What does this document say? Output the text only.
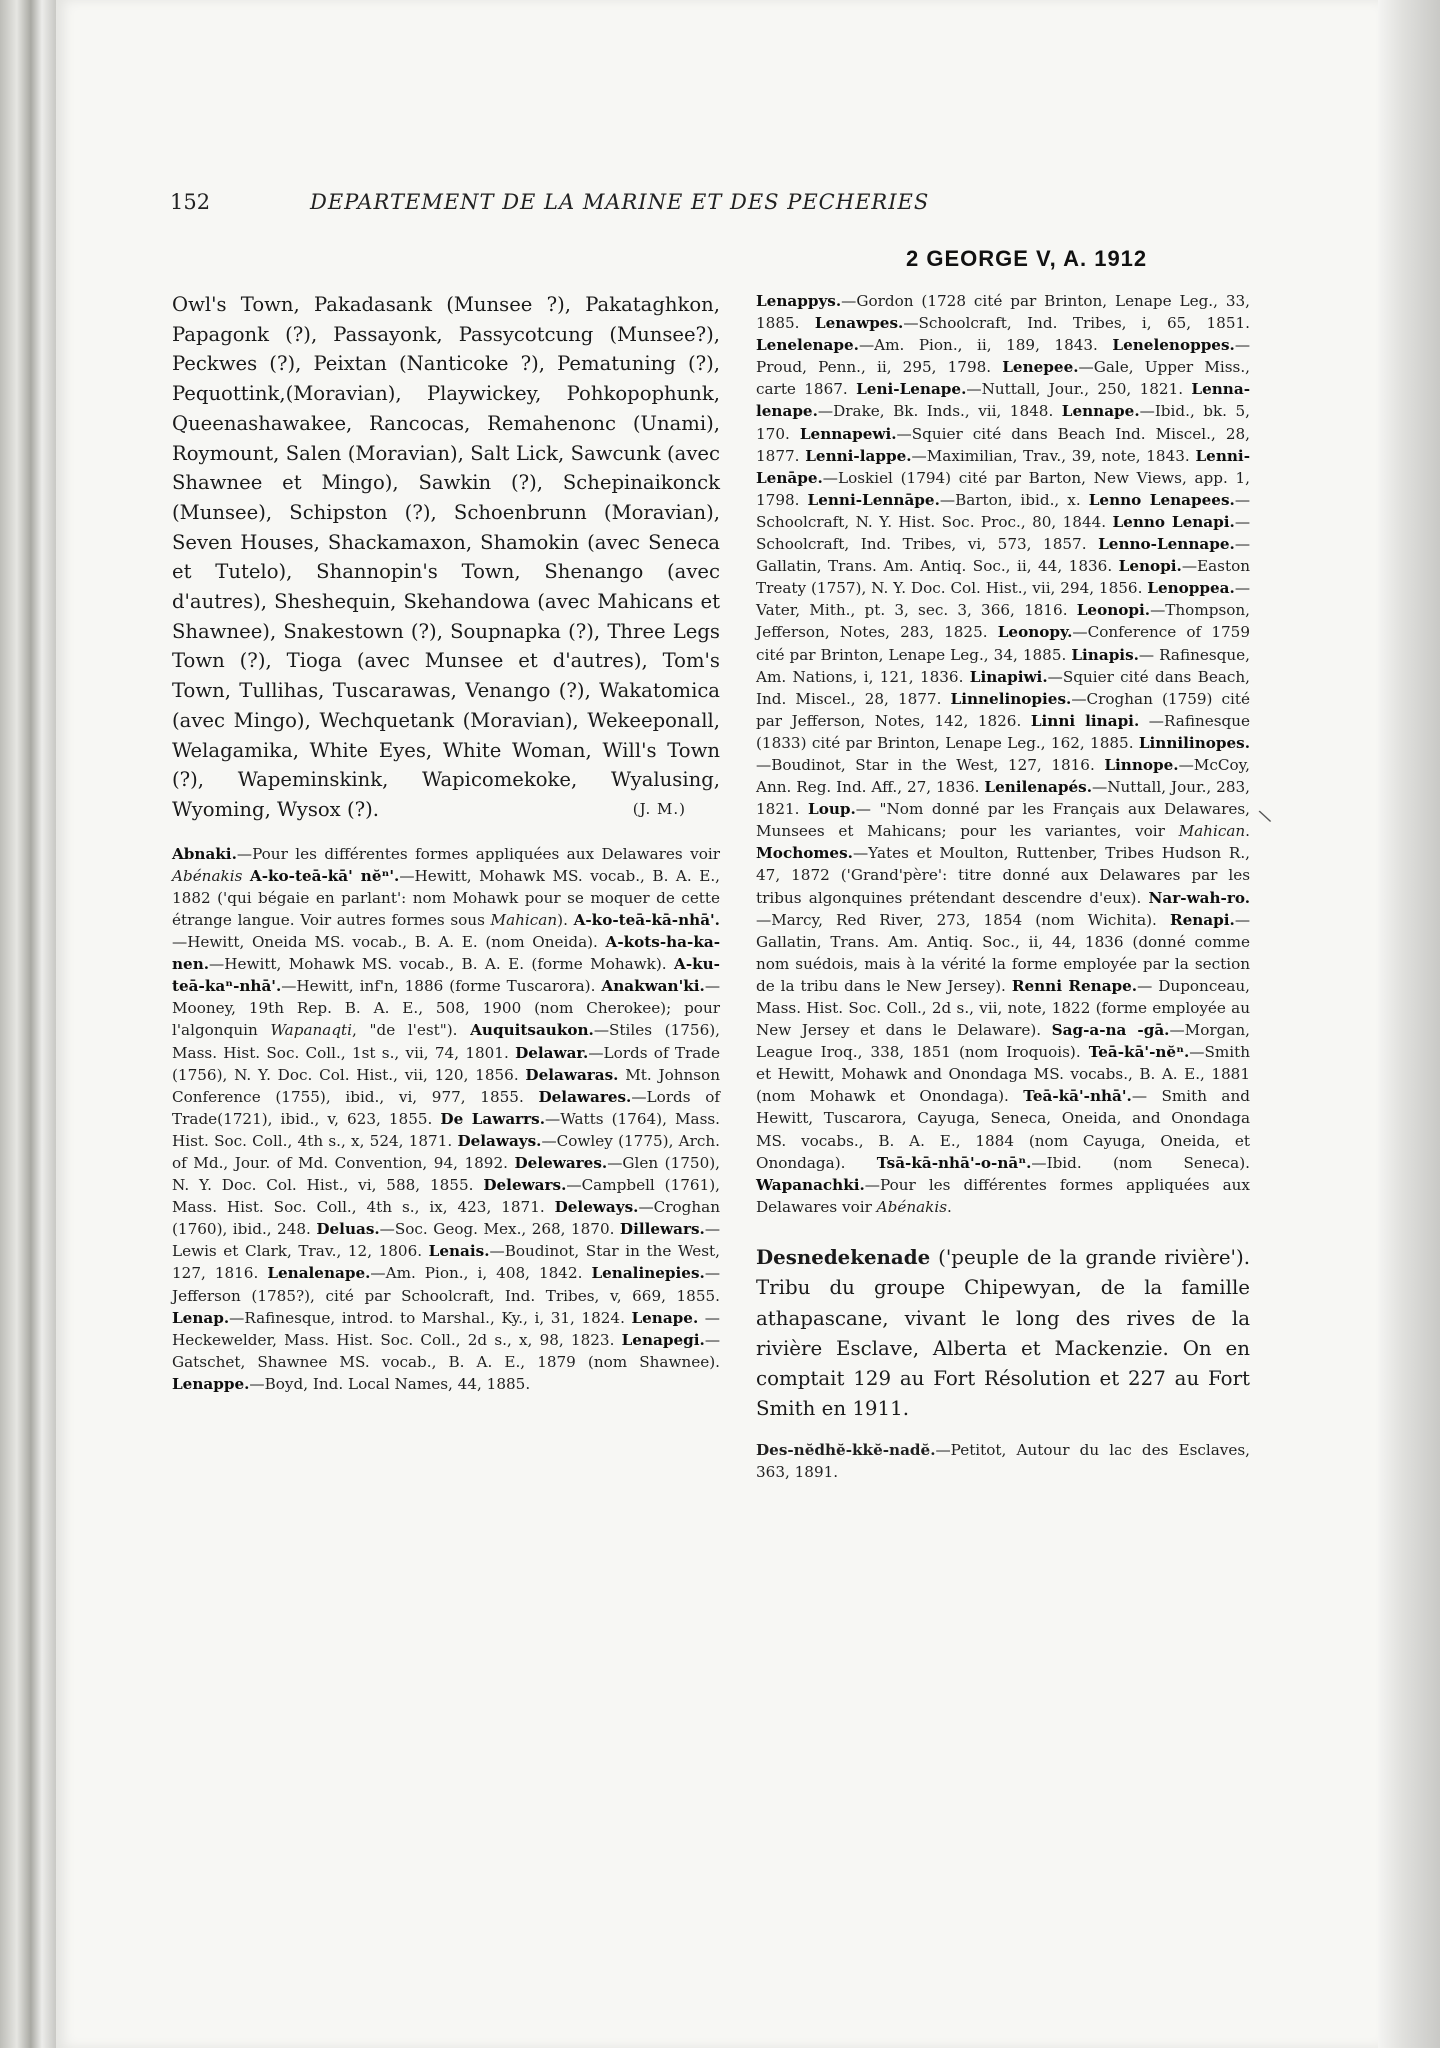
152	DEPARTEMENT DE LA MARINE ET DES PECHERIES
2 GEORGE V, A. 1912

Owl's Town, Pakadasank (Munsee ?), Pakataghkon, Papagonk (?), Passayonk, Passycotcung (Munsee?), Peckwes (?), Peixtan (Nanticoke ?), Pematuning (?), Pequottink,(Moravian), Playwickey, Pohkopophunk, Queenashawakee, Rancocas, Remahenonc (Unami), Roymount, Salen (Moravian), Salt Lick, Sawcunk (avec Shawnee et Mingo), Sawkin (?), Schepinaikonck (Munsee), Schipston (?), Schoenbrunn (Moravian), Seven Houses, Shackamaxon, Shamokin (avec Seneca et Tutelo), Shannopin's Town, Shenango (avec d'autres), Sheshequin, Skehandowa (avec Mahicans et Shawnee), Snakestown (?), Soupnapka (?), Three Legs Town (?), Tioga (avec Munsee et d'autres), Tom's Town, Tullihas, Tuscarawas, Venango (?), Wakatomica (avec Mingo), Wechquetank (Moravian), Wekeeponall, Welagamika, White Eyes, White Woman, Will's Town (?), Wapeminskink, Wapicomekoke, Wyalusing, Wyoming, Wysox (?).	(J. M.)

Abnaki.—Pour les différentes formes appliquées aux Delawares voir Abénakis A-ko-teā-kā' nĕⁿ'.—Hewitt, Mohawk MS. vocab., B. A. E., 1882 ('qui bégaie en parlant': nom Mohawk pour se moquer de cette étrange langue. Voir autres formes sous Mahican). A-ko-teā-kā-nhā'.—Hewitt, Oneida MS. vocab., B. A. E. (nom Oneida). A-kots-ha-ka-nen.—Hewitt, Mohawk MS. vocab., B. A. E. (forme Mohawk). A-ku-teā-kaⁿ-nhā'.—Hewitt, inf'n, 1886 (forme Tuscarora). Anakwan'ki.—Mooney, 19th Rep. B. A. E., 508, 1900 (nom Cherokee); pour l'algonquin Wapanaqti, "de l'est"). Auquitsaukon.—Stiles (1756), Mass. Hist. Soc. Coll., 1st s., vii, 74, 1801. Delawar.—Lords of Trade (1756), N. Y. Doc. Col. Hist., vii, 120, 1856. Delawaras. Mt. Johnson Conference (1755), ibid., vi, 977, 1855. Delawares.—Lords of Trade(1721), ibid., v, 623, 1855. De Lawarrs.—Watts (1764), Mass. Hist. Soc. Coll., 4th s., x, 524, 1871. Delaways.—Cowley (1775), Arch. of Md., Jour. of Md. Convention, 94, 1892. Delewares.—Glen (1750), N. Y. Doc. Col. Hist., vi, 588, 1855. Delewars.—Campbell (1761), Mass. Hist. Soc. Coll., 4th s., ix, 423, 1871. Deleways.—Croghan (1760), ibid., 248. Deluas.—Soc. Geog. Mex., 268, 1870. Dillewars.—Lewis et Clark, Trav., 12, 1806. Lenais.—Boudinot, Star in the West, 127, 1816. Lenalenape.—Am. Pion., i, 408, 1842. Lenalinepies.—Jefferson (1785?), cité par Schoolcraft, Ind. Tribes, v, 669, 1855. Lenap.—Rafinesque, introd. to Marshal., Ky., i, 31, 1824. Lenape. —Heckewelder, Mass. Hist. Soc. Coll., 2d s., x, 98, 1823. Lenapegi.—Gatschet, Shawnee MS. vocab., B. A. E., 1879 (nom Shawnee). Lenappe.—Boyd, Ind. Local Names, 44, 1885.

Lenappys.—Gordon (1728 cité par Brinton, Lenape Leg., 33, 1885. Lenawpes.—Schoolcraft, Ind. Tribes, i, 65, 1851. Lenelenape.—Am. Pion., ii, 189, 1843. Lenelenoppes.—Proud, Penn., ii, 295, 1798. Lenepee.—Gale, Upper Miss., carte 1867. Leni-Lenape.—Nuttall, Jour., 250, 1821. Lenna-lenape.—Drake, Bk. Inds., vii, 1848. Lennape.—Ibid., bk. 5, 170. Lennapewi.—Squier cité dans Beach Ind. Miscel., 28, 1877. Lenni-lappe.—Maximilian, Trav., 39, note, 1843. Lenni-Lenāpe.—Loskiel (1794) cité par Barton, New Views, app. 1, 1798. Lenni-Lennāpe.—Barton, ibid., x. Lenno Lenapees.—Schoolcraft, N. Y. Hist. Soc. Proc., 80, 1844. Lenno Lenapi.—Schoolcraft, Ind. Tribes, vi, 573, 1857. Lenno-Lennape.—Gallatin, Trans. Am. Antiq. Soc., ii, 44, 1836. Lenopi.—Easton Treaty (1757), N. Y. Doc. Col. Hist., vii, 294, 1856. Lenoppea.—Vater, Mith., pt. 3, sec. 3, 366, 1816. Leonopi.—Thompson, Jefferson, Notes, 283, 1825. Leonopy.—Conference of 1759 cité par Brinton, Lenape Leg., 34, 1885. Linapis.— Rafinesque, Am. Nations, i, 121, 1836. Linapiwi.—Squier cité dans Beach, Ind. Miscel., 28, 1877. Linnelinopies.—Croghan (1759) cité par Jefferson, Notes, 142, 1826. Linni linapi. —Rafinesque (1833) cité par Brinton, Lenape Leg., 162, 1885. Linnilinopes.—Boudinot, Star in the West, 127, 1816. Linnope.—McCoy, Ann. Reg. Ind. Aff., 27, 1836. Lenilenapés.—Nuttall, Jour., 283, 1821. Loup.— "Nom donné par les Français aux Delawares, Munsees et Mahicans; pour les variantes, voir Mahican. Mochomes.—Yates et Moulton, Ruttenber, Tribes Hudson R., 47, 1872 ('Grand'père': titre donné aux Delawares par les tribus algonquines prétendant descendre d'eux). Nar-wah-ro.—Marcy, Red River, 273, 1854 (nom Wichita). Renapi.— Gallatin, Trans. Am. Antiq. Soc., ii, 44, 1836 (donné comme nom suédois, mais à la vérité la forme employée par la section de la tribu dans le New Jersey). Renni Renape.— Duponceau, Mass. Hist. Soc. Coll., 2d s., vii, note, 1822 (forme employée au New Jersey et dans le Delaware). Sag-a-na -gā.—Morgan, League Iroq., 338, 1851 (nom Iroquois). Teā-kā'-nĕⁿ.—Smith et Hewitt, Mohawk and Onondaga MS. vocabs., B. A. E., 1881 (nom Mohawk et Onondaga). Teā-kā'-nhā'.— Smith and Hewitt, Tuscarora, Cayuga, Seneca, Oneida, and Onondaga MS. vocabs., B. A. E., 1884 (nom Cayuga, Oneida, et Onondaga). Tsā-kā-nhā'-o-nāⁿ.—Ibid. (nom Seneca). Wapanachki.—Pour les différentes formes appliquées aux Delawares voir Abénakis.

Desnedekenade ('peuple de la grande rivière'). Tribu du groupe Chipewyan, de la famille athapascane, vivant le long des rives de la rivière Esclave, Alberta et Mackenzie. On en comptait 129 au Fort Résolution et 227 au Fort Smith en 1911.

Des-nĕdhĕ-kkĕ-nadĕ.—Petitot, Autour du lac des Esclaves, 363, 1891.

\
